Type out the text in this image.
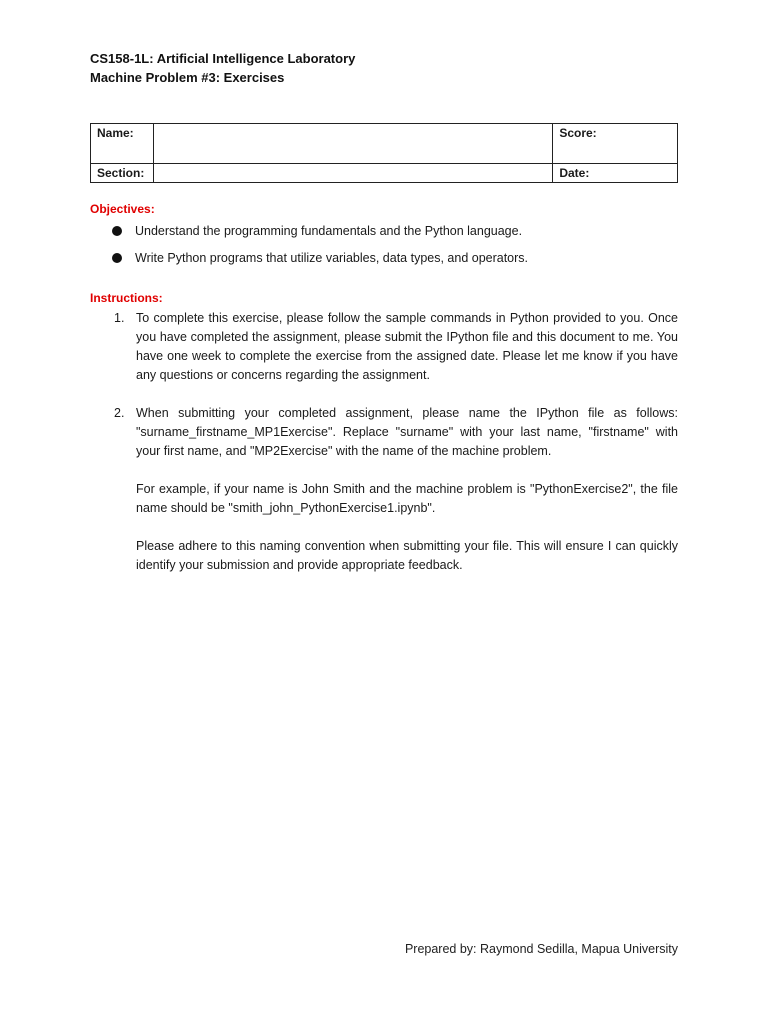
CS158-1L: Artificial Intelligence Laboratory
Machine Problem #3: Exercises
Name:		Score:
Section:		Date:
Objectives:
Understand the programming fundamentals and the Python language.
Write Python programs that utilize variables, data types, and operators.
Instructions:
1. To complete this exercise, please follow the sample commands in Python provided to you. Once you have completed the assignment, please submit the IPython file and this document to me. You have one week to complete the exercise from the assigned date. Please let me know if you have any questions or concerns regarding the assignment.

2. When submitting your completed assignment, please name the IPython file as follows: "surname_firstname_MP1Exercise". Replace "surname" with your last name, "firstname" with your first name, and "MP2Exercise" with the name of the machine problem.

For example, if your name is John Smith and the machine problem is "PythonExercise2", the file name should be "smith_john_PythonExercise1.ipynb".

Please adhere to this naming convention when submitting your file. This will ensure I can quickly identify your submission and provide appropriate feedback.

Prepared by: Raymond Sedilla, Mapua University
